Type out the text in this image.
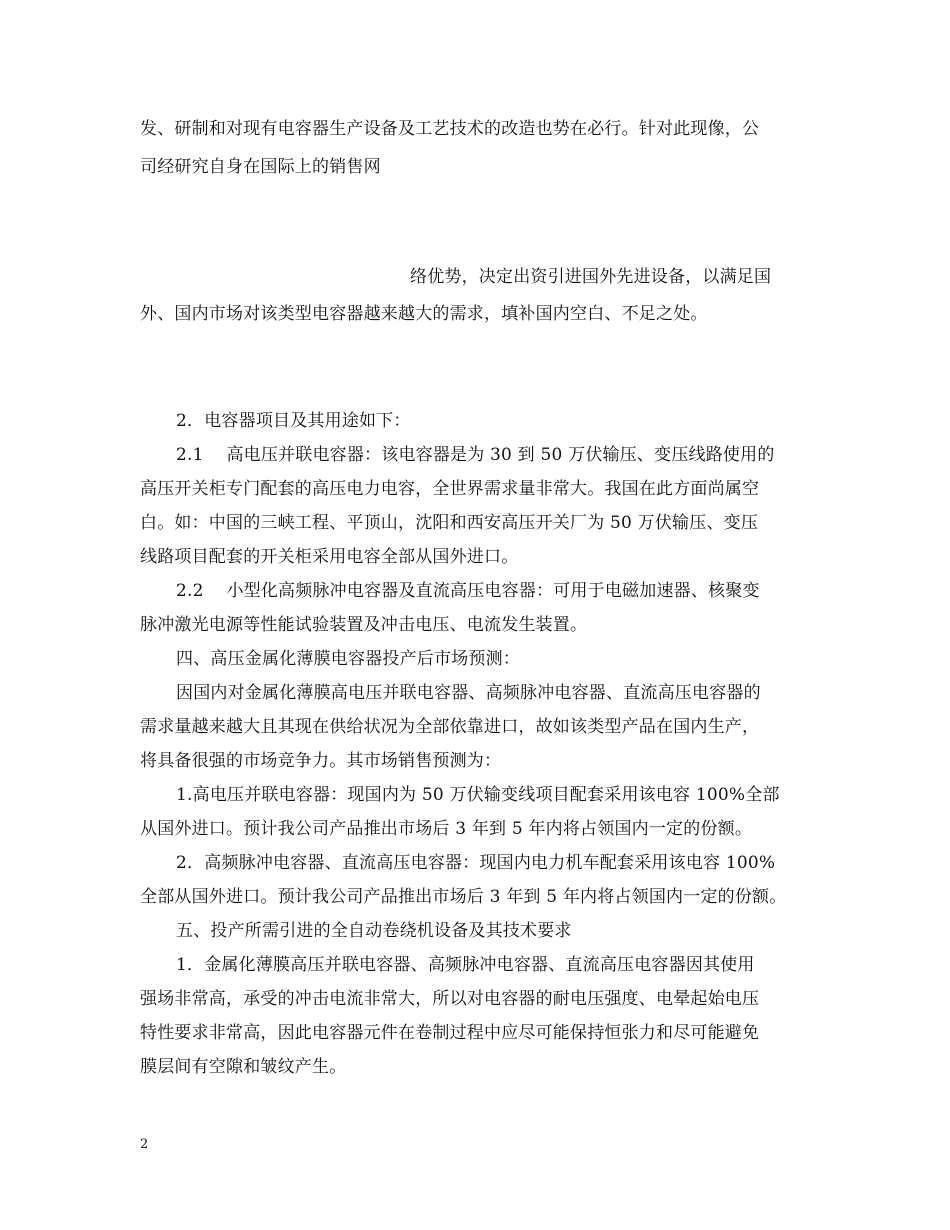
发、研制和对现有电容器生产设备及工艺技术的改造也势在必行。针对此现像，公
司经研究自身在国际上的销售网
络优势，决定出资引进国外先进设备，以满足国
外、国内市场对该类型电容器越来越大的需求，填补国内空白、不足之处。
2．电容器项目及其用途如下：
2.1　 高电压并联电容器：该电容器是为 30 到 50 万伏输压、变压线路使用的
高压开关柜专门配套的高压电力电容，全世界需求量非常大。我国在此方面尚属空
白。如：中国的三峡工程、平顶山，沈阳和西安高压开关厂为 50 万伏输压、变压
线路项目配套的开关柜采用电容全部从国外进口。
2.2　 小型化高频脉冲电容器及直流高压电容器：可用于电磁加速器、核聚变
脉冲激光电源等性能试验装置及冲击电压、电流发生装置。
四、高压金属化薄膜电容器投产后市场预测：
因国内对金属化薄膜高电压并联电容器、高频脉冲电容器、直流高压电容器的
需求量越来越大且其现在供给状况为全部依靠进口，故如该类型产品在国内生产，
将具备很强的市场竞争力。其市场销售预测为：
1.高电压并联电容器：现国内为 50 万伏输变线项目配套采用该电容 100%全部
从国外进口。预计我公司产品推出市场后 3 年到 5 年内将占领国内一定的份额。
2．高频脉冲电容器、直流高压电容器：现国内电力机车配套采用该电容 100%
全部从国外进口。预计我公司产品推出市场后 3 年到 5 年内将占领国内一定的份额。
五、投产所需引进的全自动卷绕机设备及其技术要求
1．金属化薄膜高压并联电容器、高频脉冲电容器、直流高压电容器因其使用
强场非常高，承受的冲击电流非常大，所以对电容器的耐电压强度、电晕起始电压
特性要求非常高，因此电容器元件在卷制过程中应尽可能保持恒张力和尽可能避免
膜层间有空隙和皱纹产生。
2
